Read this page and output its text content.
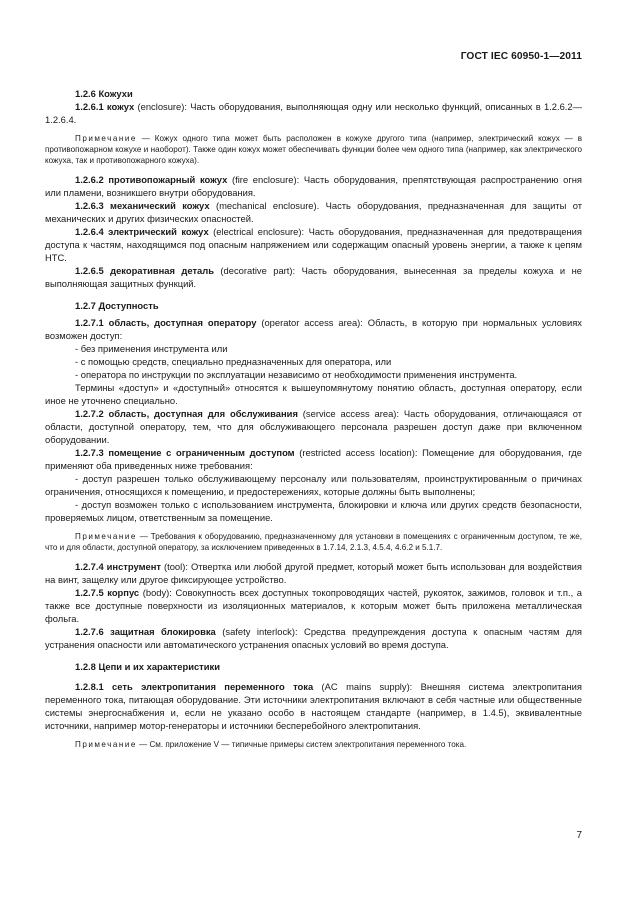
ГОСТ IEC 60950-1—2011

1.2.6 Кожухи

1.2.6.1 кожух (enclosure): Часть оборудования, выполняющая одну или несколько функций, описанных в 1.2.6.2—1.2.6.4.

Примечание — Кожух одного типа может быть расположен в кожухе другого типа (например, электрический кожух — в противопожарном кожухе и наоборот). Также один кожух может обеспечивать функции более чем одного типа (например, как электрического кожуха, так и противопожарного кожуха).

1.2.6.2 противопожарный кожух (fire enclosure): Часть оборудования, препятствующая распространению огня или пламени, возникшего внутри оборудования.

1.2.6.3 механический кожух (mechanical enclosure). Часть оборудования, предназначенная для защиты от механических и других физических опасностей.

1.2.6.4 электрический кожух (electrical enclosure): Часть оборудования, предназначенная для предотвращения доступа к частям, находящимся под опасным напряжением или содержащим опасный уровень энергии, а также к цепям НТС.

1.2.6.5 декоративная деталь (decorative part): Часть оборудования, вынесенная за пределы кожуха и не выполняющая защитных функций.

1.2.7 Доступность

1.2.7.1 область, доступная оператору (operator access area): Область, в которую при нормальных условиях возможен доступ:

- без применения инструмента или

- с помощью средств, специально предназначенных для оператора, или

- оператора по инструкции по эксплуатации независимо от необходимости применения инструмента.

Термины «доступ» и «доступный» относятся к вышеупомянутому понятию область, доступная оператору, если иное не уточнено специально.

1.2.7.2 область, доступная для обслуживания (service access area): Часть оборудования, отличающаяся от области, доступной оператору, тем, что для обслуживающего персонала разрешен доступ даже при включенном оборудовании.

1.2.7.3 помещение с ограниченным доступом (restricted access location): Помещение для оборудования, где применяют оба приведенных ниже требования:

- доступ разрешен только обслуживающему персоналу или пользователям, проинструктированным о причинах ограничения, относящихся к помещению, и предостережениях, которые должны быть выполнены;

- доступ возможен только с использованием инструмента, блокировки и ключа или других средств безопасности, проверяемых лицом, ответственным за помещение.

Примечание — Требования к оборудованию, предназначенному для установки в помещениях с ограниченным доступом, те же, что и для области, доступной оператору, за исключением приведенных в 1.7.14, 2.1.3, 4.5.4, 4.6.2 и 5.1.7.

1.2.7.4 инструмент (tool): Отвертка или любой другой предмет, который может быть использован для воздействия на винт, защелку или другое фиксирующее устройство.

1.2.7.5 корпус (body): Совокупность всех доступных токопроводящих частей, рукояток, зажимов, головок и т.п., а также все доступные поверхности из изоляционных материалов, к которым может быть приложена металлическая фольга.

1.2.7.6 защитная блокировка (safety interlock): Средства предупреждения доступа к опасным частям для устранения опасности или автоматического устранения опасных условий во время доступа.

1.2.8 Цепи и их характеристики

1.2.8.1 сеть электропитания переменного тока (AC mains supply): Внешняя система электропитания переменного тока, питающая оборудование. Эти источники электропитания включают в себя частные или общественные системы энергоснабжения и, если не указано особо в настоящем стандарте (например, в 1.4.5), эквивалентные источники, например мотор-генераторы и источники бесперебойного электропитания.

Примечание — См. приложение V — типичные примеры систем электропитания переменного тока.

7
